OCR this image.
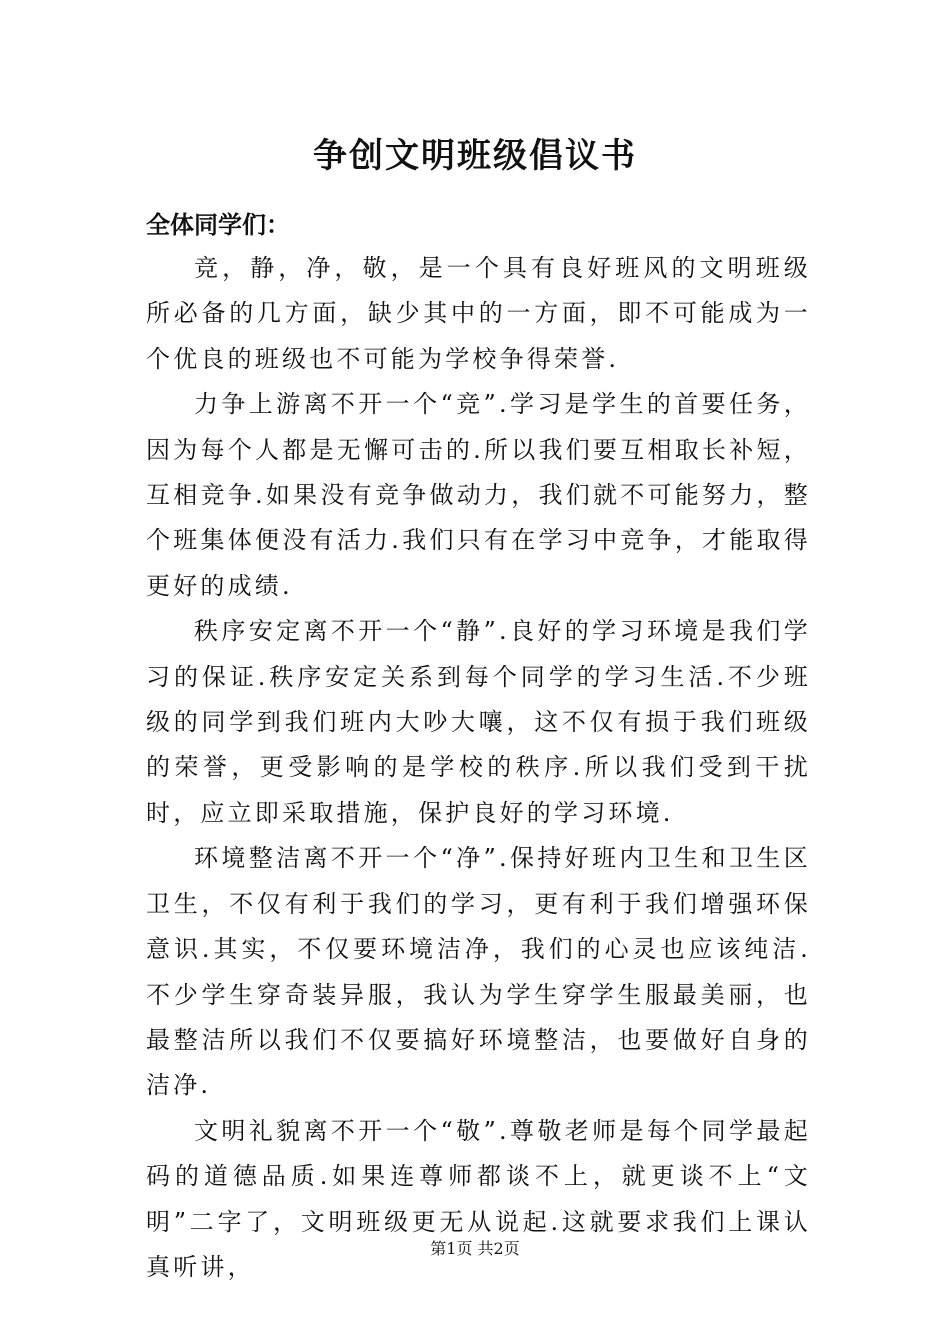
争创文明班级倡议书
全体同学们：

竞，静，净，敬，是一个具有良好班风的文明班级所必备的几方面，缺少其中的一方面，即不可能成为一个优良的班级也不可能为学校争得荣誉.

力争上游离不开一个“竞”.学习是学生的首要任务，因为每个人都是无懈可击的.所以我们要互相取长补短，互相竞争.如果没有竞争做动力，我们就不可能努力，整个班集体便没有活力.我们只有在学习中竞争，才能取得更好的成绩.

秩序安定离不开一个“静”.良好的学习环境是我们学习的保证.秩序安定关系到每个同学的学习生活.不少班级的同学到我们班内大吵大嚷，这不仅有损于我们班级的荣誉，更受影响的是学校的秩序.所以我们受到干扰时，应立即采取措施，保护良好的学习环境.

环境整洁离不开一个“净”.保持好班内卫生和卫生区卫生，不仅有利于我们的学习，更有利于我们增强环保意识.其实，不仅要环境洁净，我们的心灵也应该纯洁.不少学生穿奇装异服，我认为学生穿学生服最美丽，也最整洁所以我们不仅要搞好环境整洁，也要做好自身的洁净.

文明礼貌离不开一个“敬”.尊敬老师是每个同学最起码的道德品质.如果连尊师都谈不上，就更谈不上“文明”二字了，文明班级更无从说起.这就要求我们上课认真听讲，

第1页 共2页
